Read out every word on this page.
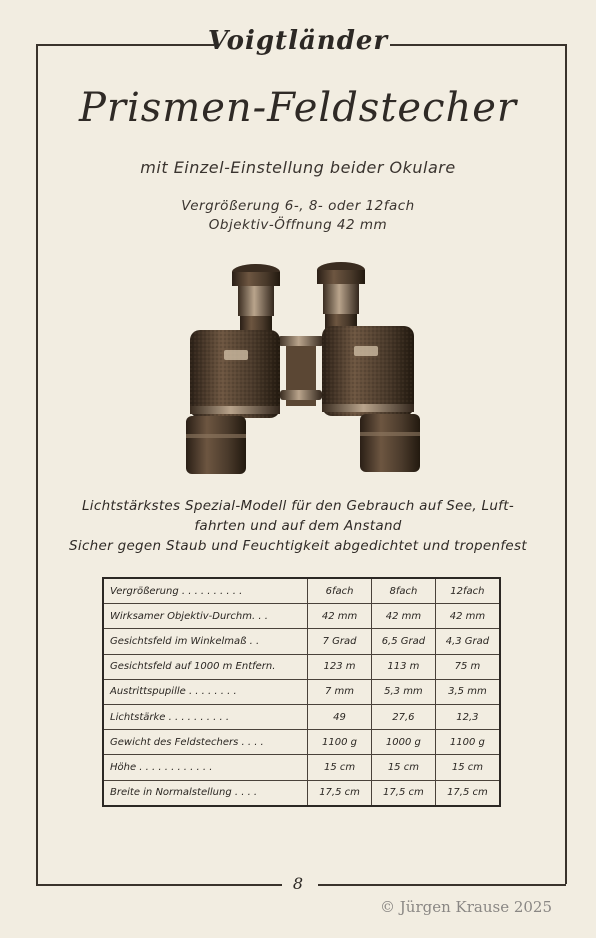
Voigtländer
Prismen-Feldstecher
mit Einzel-Einstellung beider Okulare
Vergrößerung 6-, 8- oder 12fach
Objektiv-Öffnung 42 mm
Lichtstärkstes Spezial-Modell für den Gebrauch auf See, Luft-
fahrten und auf dem Anstand
Sicher gegen Staub und Feuchtigkeit abgedichtet und tropenfest
Vergrößerung . . . . . . . . . .	6fach	8fach	12fach
Wirksamer Objektiv-Durchm. . .	42 mm	42 mm	42 mm
Gesichtsfeld im Winkelmaß . .	7 Grad	6,5 Grad	4,3 Grad
Gesichtsfeld auf 1000 m Entfern.	123 m	113 m	75 m
Austrittspupille . . . . . . . .	7 mm	5,3 mm	3,5 mm
Lichtstärke . . . . . . . . . .	49	27,6	12,3
Gewicht des Feldstechers . . . .	1100 g	1000 g	1100 g
Höhe . . . . . . . . . . . .	15 cm	15 cm	15 cm
Breite in Normalstellung . . . .	17,5 cm	17,5 cm	17,5 cm
8
© Jürgen Krause 2025
